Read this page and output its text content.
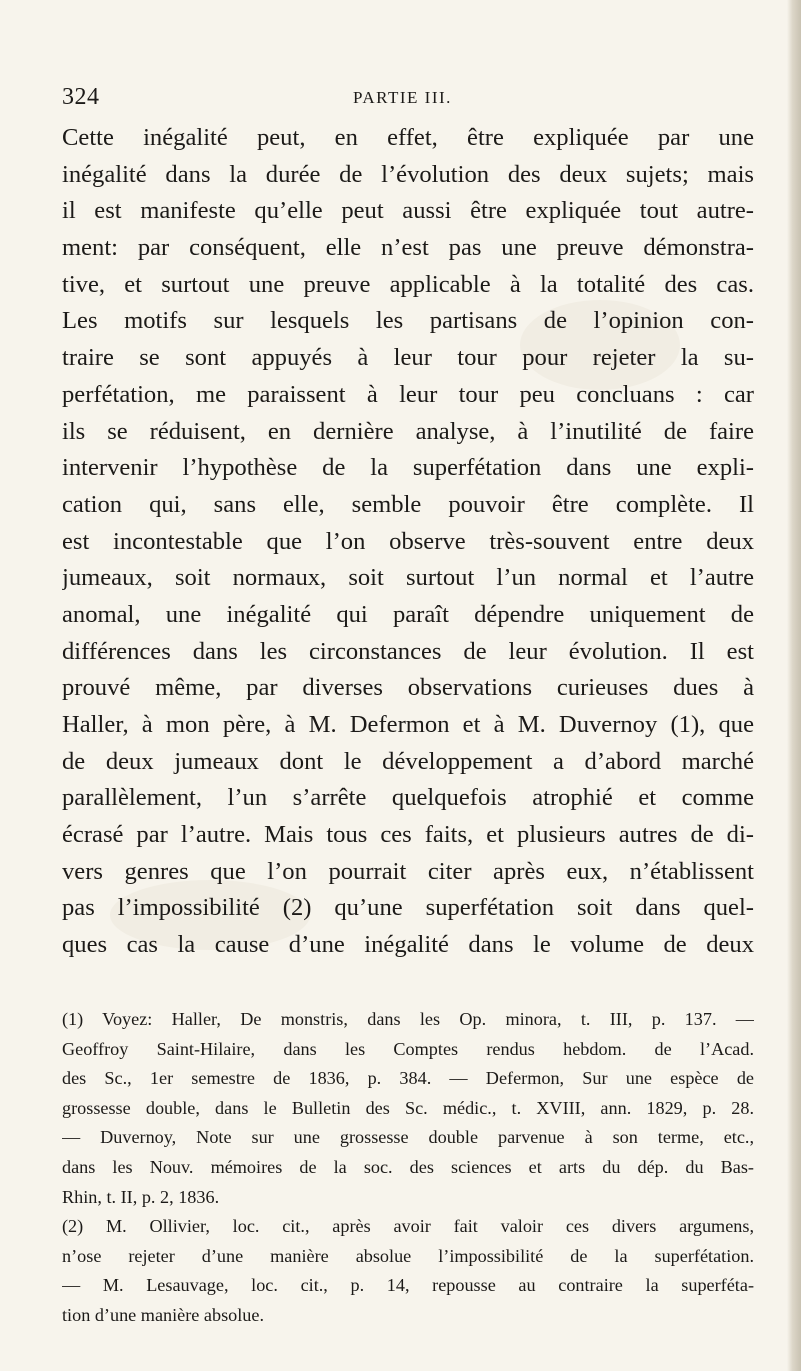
324	PARTIE III.
Cette inégalité peut, en effet, être expliquée par une
inégalité dans la durée de l’évolution des deux sujets; mais
il est manifeste qu’elle peut aussi être expliquée tout autre-
ment: par conséquent, elle n’est pas une preuve démonstra-
tive, et surtout une preuve applicable à la totalité des cas.
Les motifs sur lesquels les partisans de l’opinion con-
traire se sont appuyés à leur tour pour rejeter la su-
perfétation, me paraissent à leur tour peu concluans : car
ils se réduisent, en dernière analyse, à l’inutilité de faire
intervenir l’hypothèse de la superfétation dans une expli-
cation qui, sans elle, semble pouvoir être complète. Il
est incontestable que l’on observe très-souvent entre deux
jumeaux, soit normaux, soit surtout l’un normal et l’autre
anomal, une inégalité qui paraît dépendre uniquement de
différences dans les circonstances de leur évolution. Il est
prouvé même, par diverses observations curieuses dues à
Haller, à mon père, à M. Defermon et à M. Duvernoy (1), que
de deux jumeaux dont le développement a d’abord marché
parallèlement, l’un s’arrête quelquefois atrophié et comme
écrasé par l’autre. Mais tous ces faits, et plusieurs autres de di-
vers genres que l’on pourrait citer après eux, n’établissent
pas l’impossibilité (2) qu’une superfétation soit dans quel-
ques cas la cause d’une inégalité dans le volume de deux
(1) Voyez: Haller, De monstris, dans les Op. minora, t. III, p. 137. —
Geoffroy Saint-Hilaire, dans les Comptes rendus hebdom. de l’Acad.
des Sc., 1er semestre de 1836, p. 384. — Defermon, Sur une espèce de
grossesse double, dans le Bulletin des Sc. médic., t. XVIII, ann. 1829, p. 28.
— Duvernoy, Note sur une grossesse double parvenue à son terme, etc.,
dans les Nouv. mémoires de la soc. des sciences et arts du dép. du Bas-
Rhin, t. II, p. 2, 1836.
(2) M. Ollivier, loc. cit., après avoir fait valoir ces divers argumens,
n’ose rejeter d’une manière absolue l’impossibilité de la superfétation.
— M. Lesauvage, loc. cit., p. 14, repousse au contraire la superféta-
tion d’une manière absolue.
